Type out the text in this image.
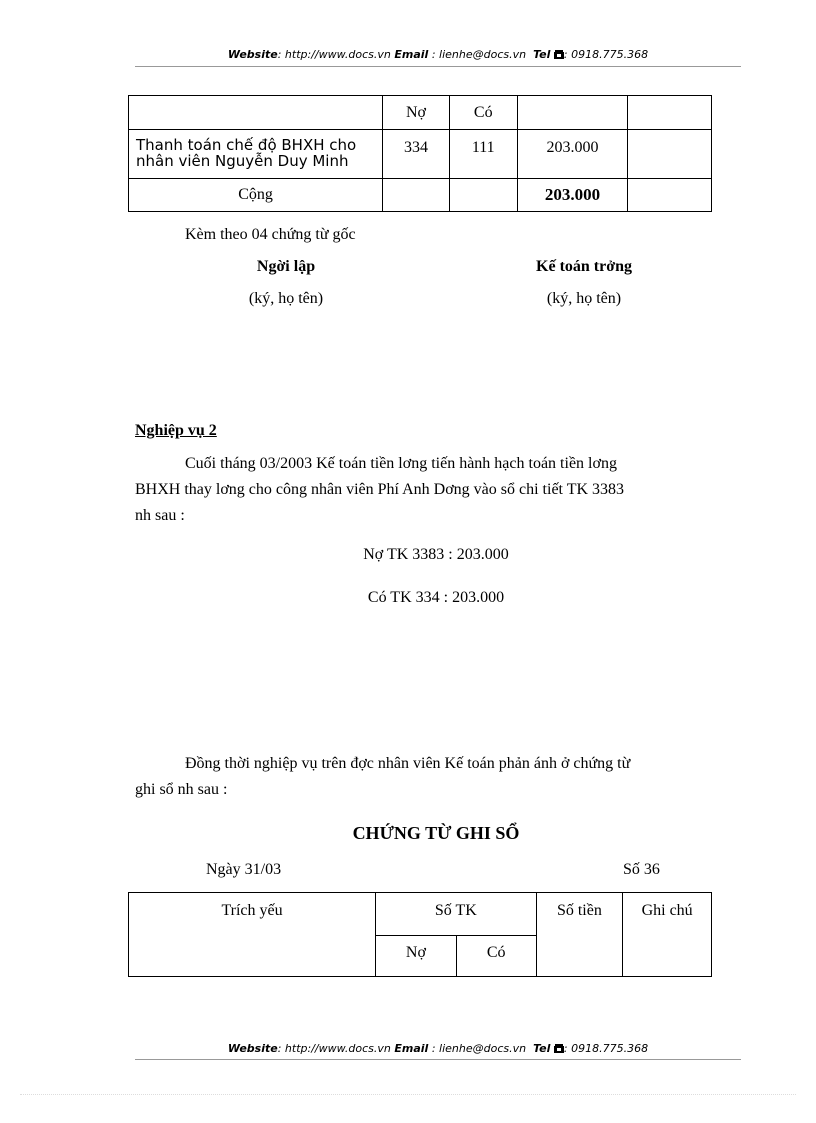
Website: http://www.docs.vn Email : lienhe@docs.vn Tel : 0918.775.368
	Nợ	Có		

Thanh toán chế độ BHXH cho
nhân viên Nguyễn Duy Minh	334	111	203.000	
Cộng			203.000	
Kèm theo 04 chứng từ gốc
Ngời lập
(ký, họ tên)
Kế toán trởng
(ký, họ tên)
Nghiệp vụ 2
Cuối tháng 03/2003 Kế toán tiền lơng tiến hành hạch toán tiền lơng
BHXH thay lơng cho công nhân viên Phí Anh Dơng vào sổ chi tiết TK 3383
nh sau :
Nợ TK 3383 : 203.000
Có TK 334 : 203.000
Đồng thời nghiệp vụ trên đợc nhân viên Kế toán phản ánh ở chứng từ
ghi sổ nh sau :
CHỨNG TỪ GHI SỔ
Ngày 31/03	Số 36
Trích yếu	Số TK		Số tiền	Ghi chú
	Nợ	Có		
Website: http://www.docs.vn Email : lienhe@docs.vn Tel : 0918.775.368
